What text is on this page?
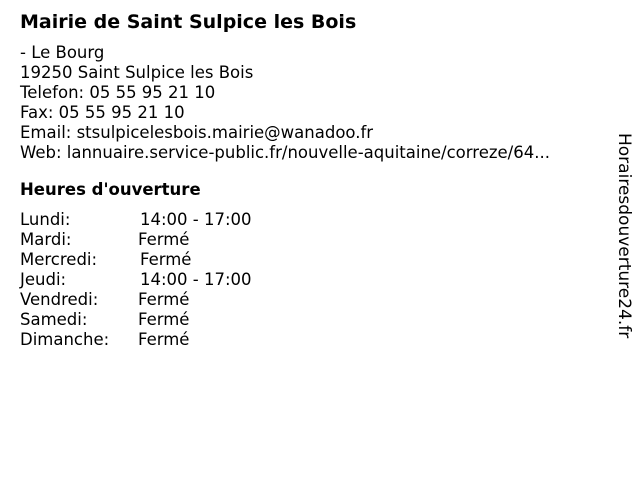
Mairie de Saint Sulpice les Bois
- Le Bourg
19250 Saint Sulpice les Bois
Telefon: 05 55 95 21 10
Fax: 05 55 95 21 10
Email: stsulpicelesbois.mairie@wanadoo.fr
Web: lannuaire.service-public.fr/nouvelle-aquitaine/correze/64...
Heures d'ouverture
Lundi:	14:00 - 17:00
Mardi:	Fermé
Mercredi:	Fermé
Jeudi:	14:00 - 17:00
Vendredi:	Fermé
Samedi:	Fermé
Dimanche:	Fermé
Horairesdouverture24.fr
